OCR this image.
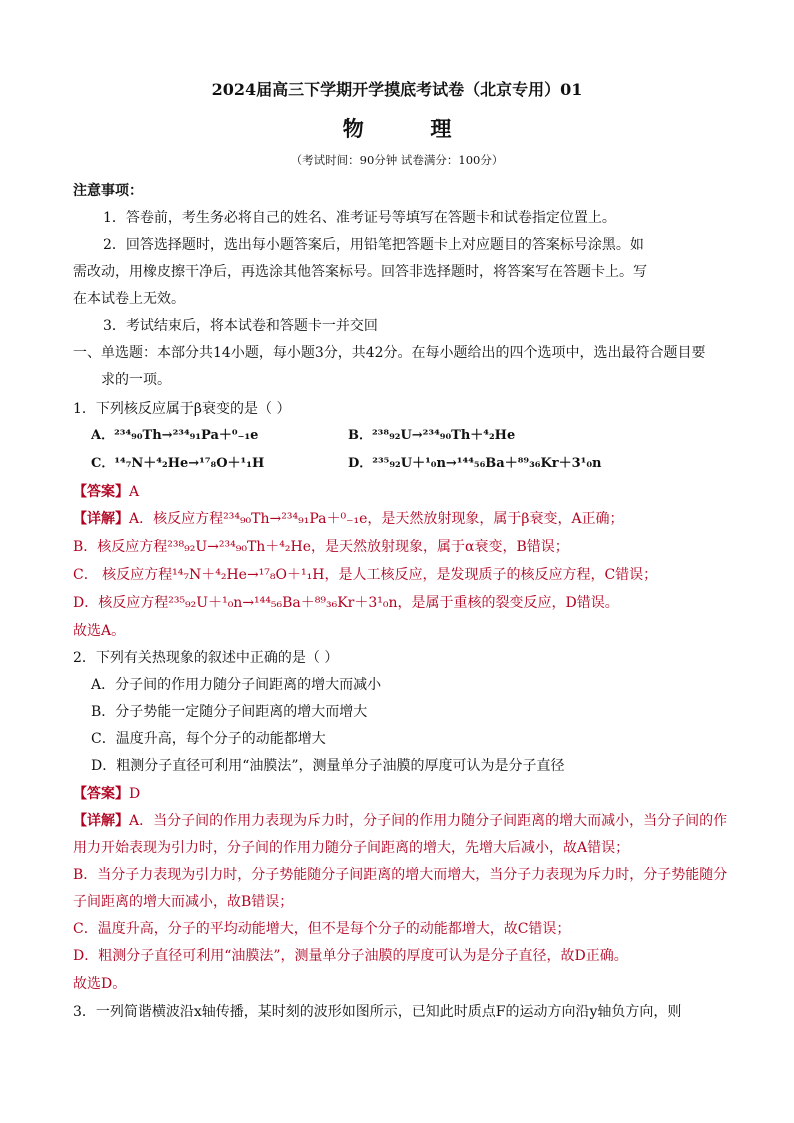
2024届高三下学期开学摸底考试卷（北京专用）01
物	理
（考试时间：90分钟 试卷满分：100分）
注意事项：
1．答卷前，考生务必将自己的姓名、准考证号等填写在答题卡和试卷指定位置上。
2．回答选择题时，选出每小题答案后，用铅笔把答题卡上对应题目的答案标号涂黑。如
需改动，用橡皮擦干净后，再选涂其他答案标号。回答非选择题时，将答案写在答题卡上。写
在本试卷上无效。
3．考试结束后，将本试卷和答题卡一并交回
一、单选题：本部分共14小题，每小题3分，共42分。在每小题给出的四个选项中，选出最符合题目要
求的一项。
1．下列核反应属于β衰变的是（ ）
A．²³⁴₉₀Th→²³⁴₉₁Pa＋⁰₋₁e	B．²³⁸₉₂U→²³⁴₉₀Th＋⁴₂He
C．¹⁴₇N＋⁴₂He→¹⁷₈O＋¹₁H	D．²³⁵₉₂U＋¹₀n→¹⁴⁴₅₆Ba＋⁸⁹₃₆Kr＋3¹₀n
【答案】A
【详解】A．核反应方程²³⁴₉₀Th→²³⁴₉₁Pa＋⁰₋₁e，是天然放射现象，属于β衰变，A正确；
B．核反应方程²³⁸₉₂U→²³⁴₉₀Th＋⁴₂He，是天然放射现象，属于α衰变，B错误；
C． 核反应方程¹⁴₇N＋⁴₂He→¹⁷₈O＋¹₁H，是人工核反应，是发现质子的核反应方程，C错误；
D．核反应方程²³⁵₉₂U＋¹₀n→¹⁴⁴₅₆Ba＋⁸⁹₃₆Kr＋3¹₀n，是属于重核的裂变反应，D错误。
故选A。
2．下列有关热现象的叙述中正确的是（ ）
A．分子间的作用力随分子间距离的增大而减小
B．分子势能一定随分子间距离的增大而增大
C．温度升高，每个分子的动能都增大
D．粗测分子直径可利用“油膜法”，测量单分子油膜的厚度可认为是分子直径
【答案】D
【详解】A．当分子间的作用力表现为斥力时，分子间的作用力随分子间距离的增大而减小，当分子间的作
用力开始表现为引力时，分子间的作用力随分子间距离的增大，先增大后减小，故A错误；
B．当分子力表现为引力时，分子势能随分子间距离的增大而增大，当分子力表现为斥力时，分子势能随分
子间距离的增大而减小，故B错误；
C．温度升高，分子的平均动能增大，但不是每个分子的动能都增大，故C错误；
D．粗测分子直径可利用“油膜法”，测量单分子油膜的厚度可认为是分子直径，故D正确。
故选D。
3．一列简谐横波沿x轴传播，某时刻的波形如图所示，已知此时质点F的运动方向沿y轴负方向，则
